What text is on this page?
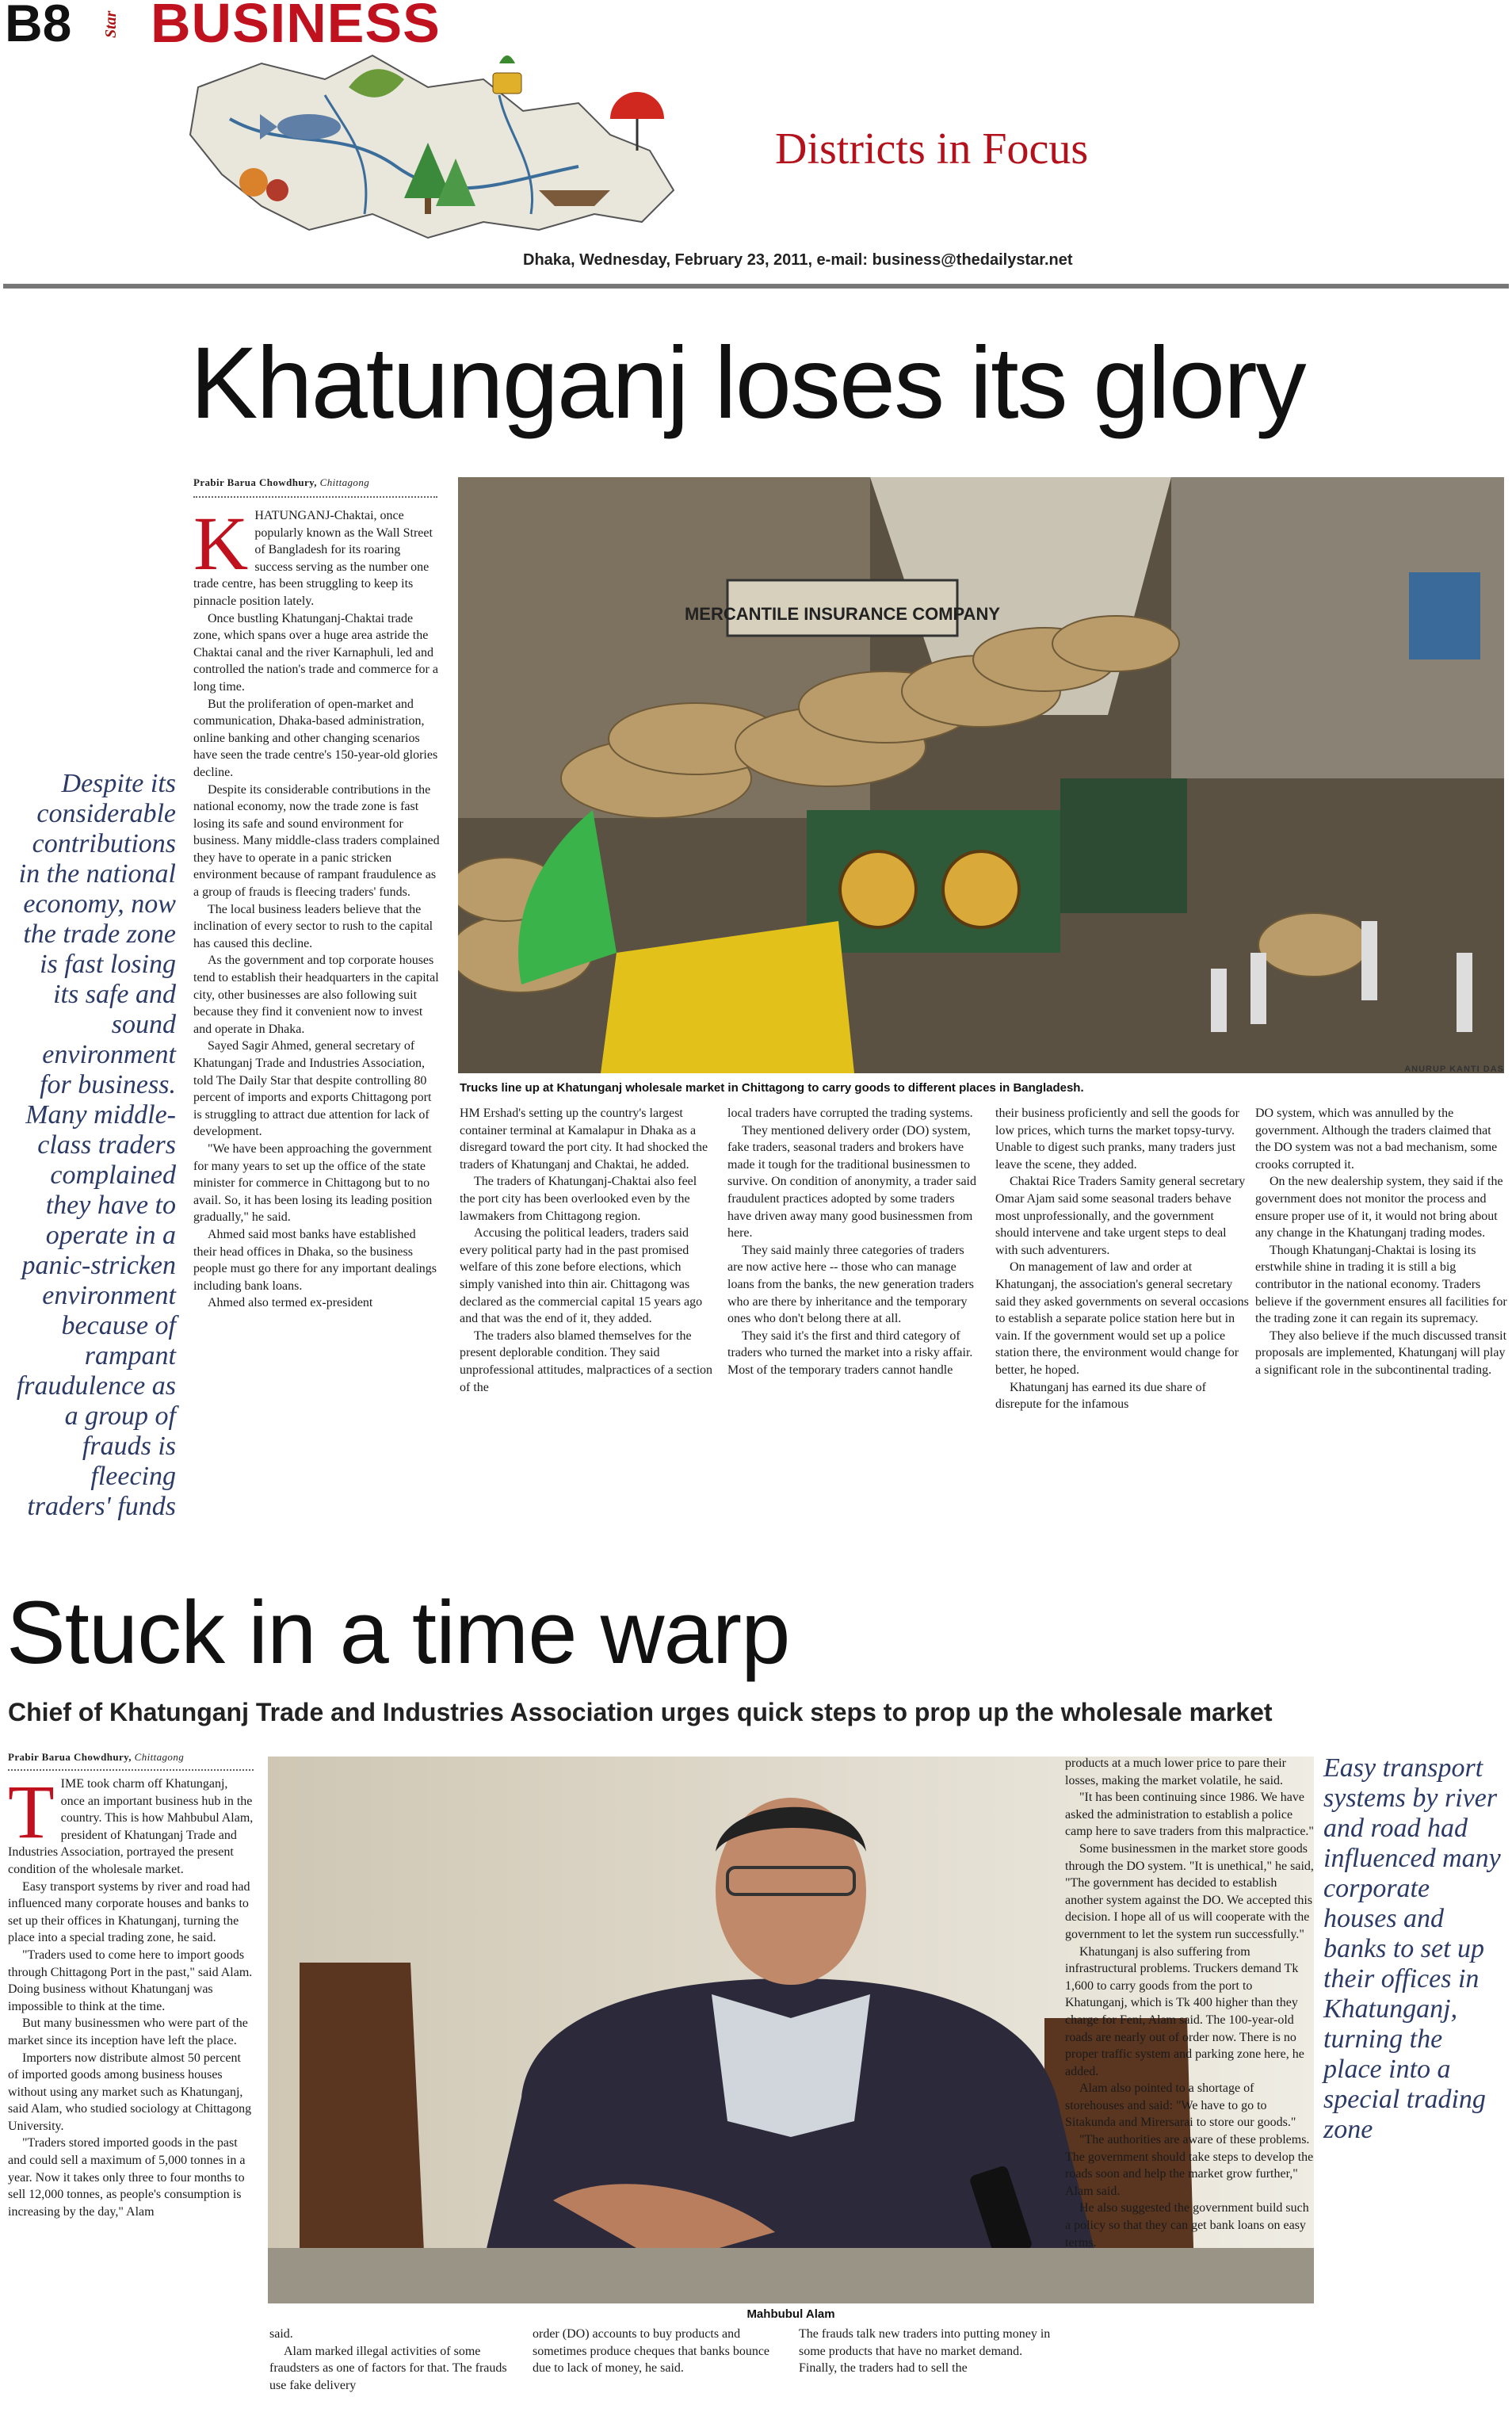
B8 Star BUSINESS
Districts in Focus
Dhaka, Wednesday, February 23, 2011, e-mail: business@thedailystar.net
Khatunganj loses its glory
Prabir Barua Chowdhury, Chittagong
Despite its considerable contributions in the national economy, now the trade zone is fast losing its safe and sound environment for business. Many middle-class traders complained they have to operate in a panic-stricken environment because of rampant fraudulence as a group of frauds is fleecing traders' funds
K HATUNGANJ-Chaktai, once popularly known as the Wall Street of Bangladesh for its roaring success serving as the number one trade centre, has been struggling to keep its pinnacle position lately.

Once bustling Khatunganj-Chaktai trade zone, which spans over a huge area astride the Chaktai canal and the river Karnaphuli, led and controlled the nation's trade and commerce for a long time.

But the proliferation of open-market and communication, Dhaka-based administration, online banking and other changing scenarios have seen the trade centre's 150-year-old glories decline.

Despite its considerable contributions in the national economy, now the trade zone is fast losing its safe and sound environment for business. Many middle-class traders complained they have to operate in a panic stricken environment because of rampant fraudulence as a group of frauds is fleecing traders' funds.

The local business leaders believe that the inclination of every sector to rush to the capital has caused this decline.

As the government and top corporate houses tend to establish their headquarters in the capital city, other businesses are also following suit because they find it convenient now to invest and operate in Dhaka.

Sayed Sagir Ahmed, general secretary of Khatunganj Trade and Industries Association, told The Daily Star that despite controlling 80 percent of imports and exports Chittagong port is struggling to attract due attention for lack of development.

"We have been approaching the government for many years to set up the office of the state minister for commerce in Chittagong but to no avail. So, it has been losing its leading position gradually," he said.

Ahmed said most banks have established their head offices in Dhaka, so the business people must go there for any important dealings including bank loans.

Ahmed also termed ex-president

MERCANTILE INSURANCE COMPANY
Trucks line up at Khatunganj wholesale market in Chittagong to carry goods to different places in Bangladesh.
ANURUP KANTI DAS

HM Ershad's setting up the country's largest container terminal at Kamalapur in Dhaka as a disregard toward the port city. It had shocked the traders of Khatunganj and Chaktai, he added.

The traders of Khatunganj-Chaktai also feel the port city has been overlooked even by the lawmakers from Chittagong region.

Accusing the political leaders, traders said every political party had in the past promised welfare of this zone before elections, which simply vanished into thin air. Chittagong was declared as the commercial capital 15 years ago and that was the end of it, they added.

The traders also blamed themselves for the present deplorable condition. They said unprofessional attitudes, malpractices of a section of the

local traders have corrupted the trading systems.

They mentioned delivery order (DO) system, fake traders, seasonal traders and brokers have made it tough for the traditional businessmen to survive. On condition of anonymity, a trader said fraudulent practices adopted by some traders have driven away many good businessmen from here.

They said mainly three categories of traders are now active here -- those who can manage loans from the banks, the new generation traders who are there by inheritance and the temporary ones who don't belong there at all.

They said it's the first and third category of traders who turned the market into a risky affair. Most of the temporary traders cannot handle

their business proficiently and sell the goods for low prices, which turns the market topsy-turvy. Unable to digest such pranks, many traders just leave the scene, they added.

Chaktai Rice Traders Samity general secretary Omar Ajam said some seasonal traders behave most unprofessionally, and the government should intervene and take urgent steps to deal with such adventurers.

On management of law and order at Khatunganj, the association's general secretary said they asked governments on several occasions to establish a separate police station here but in vain. If the government would set up a police station there, the environment would change for better, he hoped.

Khatunganj has earned its due share of disrepute for the infamous

DO system, which was annulled by the government. Although the traders claimed that the DO system was not a bad mechanism, some crooks corrupted it.

On the new dealership system, they said if the government does not monitor the process and ensure proper use of it, it would not bring about any change in the Khatunganj trading modes.

Though Khatunganj-Chaktai is losing its erstwhile shine in trading it is still a big contributor in the national economy. Traders believe if the government ensures all facilities for the trading zone it can regain its supremacy.

They also believe if the much discussed transit proposals are implemented, Khatunganj will play a significant role in the subcontinental trading.

Stuck in a time warp
Chief of Khatunganj Trade and Industries Association urges quick steps to prop up the wholesale market
Prabir Barua Chowdhury, Chittagong
T IME took charm off Khatunganj, once an important business hub in the country. This is how Mahbubul Alam, president of Khatunganj Trade and Industries Association, portrayed the present condition of the wholesale market.

Easy transport systems by river and road had influenced many corporate houses and banks to set up their offices in Khatunganj, turning the place into a special trading zone, he said.

"Traders used to come here to import goods through Chittagong Port in the past," said Alam. Doing business without Khatunganj was impossible to think at the time.

But many businessmen who were part of the market since its inception have left the place.

Importers now distribute almost 50 percent of imported goods among business houses without using any market such as Khatunganj, said Alam, who studied sociology at Chittagong University.

"Traders stored imported goods in the past and could sell a maximum of 5,000 tonnes in a year. Now it takes only three to four months to sell 12,000 tonnes, as people's consumption is increasing by the day," Alam

Mahbubul Alam

said.

Alam marked illegal activities of some fraudsters as one of factors for that. The frauds use fake delivery

order (DO) accounts to buy products and sometimes produce cheques that banks bounce due to lack of money, he said.

The frauds talk new traders into putting money in some products that have no market demand. Finally, the traders had to sell the

products at a much lower price to pare their losses, making the market volatile, he said.

"It has been continuing since 1986. We have asked the administration to establish a police camp here to save traders from this malpractice."

Some businessmen in the market store goods through the DO system. "It is unethical," he said, "The government has decided to establish another system against the DO. We accepted this decision. I hope all of us will cooperate with the government to let the system run successfully."

Khatunganj is also suffering from infrastructural problems. Truckers demand Tk 1,600 to carry goods from the port to Khatunganj, which is Tk 400 higher than they charge for Feni, Alam said. The 100-year-old roads are nearly out of order now. There is no proper traffic system and parking zone here, he added.

Alam also pointed to a shortage of storehouses and said: "We have to go to Sitakunda and Mirersarai to store our goods."

"The authorities are aware of these problems. The government should take steps to develop the roads soon and help the market grow further," Alam said.

He also suggested the government build such a policy so that they can get bank loans on easy terms.

Easy transport systems by river and road had influenced many corporate houses and banks to set up their offices in Khatunganj, turning the place into a special trading zone
